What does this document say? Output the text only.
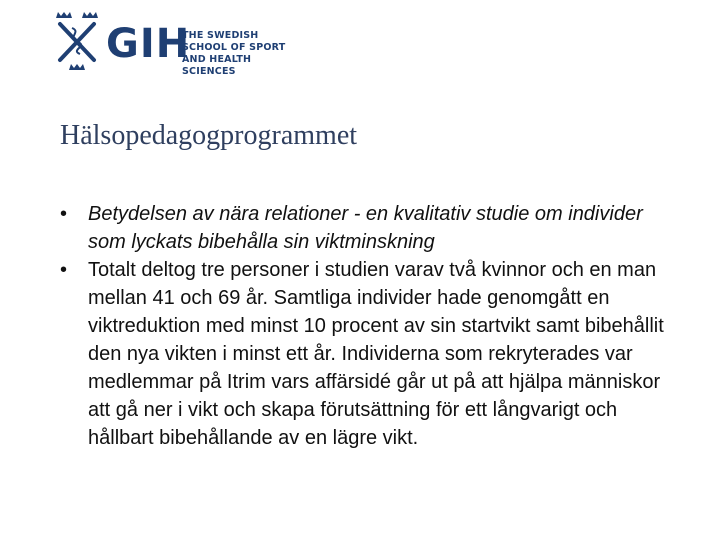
GIH
THE SWEDISH
SCHOOL OF SPORT
AND HEALTH SCIENCES
Hälsopedagogprogrammet
• Betydelsen av nära relationer - en kvalitativ studie om individer som lyckats bibehålla sin viktminskning
• Totalt deltog tre personer i studien varav två kvinnor och en man mellan 41 och 69 år. Samtliga individer hade genomgått en viktreduktion med minst 10 procent av sin startvikt samt bibehållit den nya vikten i minst ett år. Individerna som rekryterades var medlemmar på Itrim vars affärsidé går ut på att hjälpa människor att gå ner i vikt och skapa förutsättning för ett långvarigt och hållbart bibehållande av en lägre vikt.
